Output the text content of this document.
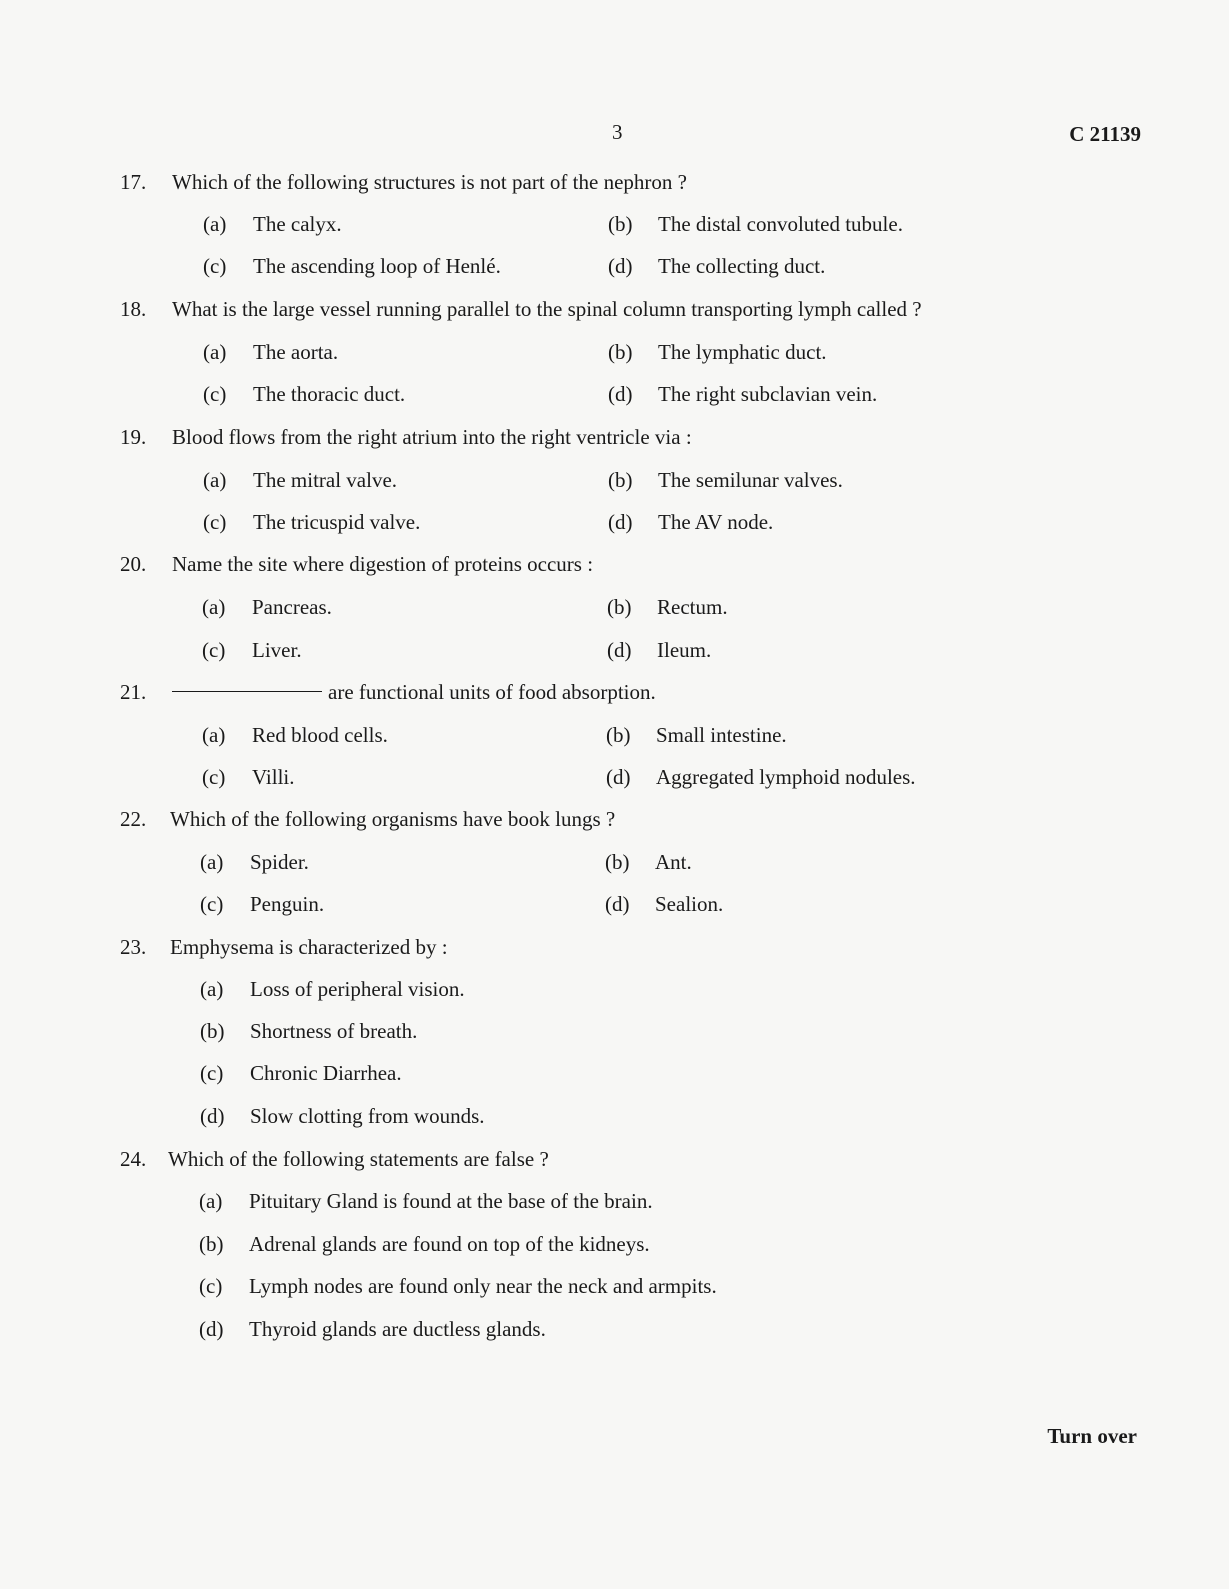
3	C 21139
17. Which of the following structures is not part of the nephron ?
(a) The calyx.	(b) The distal convoluted tubule.
(c) The ascending loop of Henlé.	(d) The collecting duct.
18. What is the large vessel running parallel to the spinal column transporting lymph called ?
(a) The aorta.	(b) The lymphatic duct.
(c) The thoracic duct.	(d) The right subclavian vein.
19. Blood flows from the right atrium into the right ventricle via :
(a) The mitral valve.	(b) The semilunar valves.
(c) The tricuspid valve.	(d) The AV node.
20. Name the site where digestion of proteins occurs :
(a) Pancreas.	(b) Rectum.
(c) Liver.	(d) Ileum.
21.	are functional units of food absorption.
(a) Red blood cells.	(b) Small intestine.
(c) Villi.	(d) Aggregated lymphoid nodules.
22. Which of the following organisms have book lungs ?
(a) Spider.	(b) Ant.
(c) Penguin.	(d) Sealion.
23. Emphysema is characterized by :
(a) Loss of peripheral vision.
(b) Shortness of breath.
(c) Chronic Diarrhea.
(d) Slow clotting from wounds.
24. Which of the following statements are false ?
(a) Pituitary Gland is found at the base of the brain.
(b) Adrenal glands are found on top of the kidneys.
(c) Lymph nodes are found only near the neck and armpits.
(d) Thyroid glands are ductless glands.
Turn over
